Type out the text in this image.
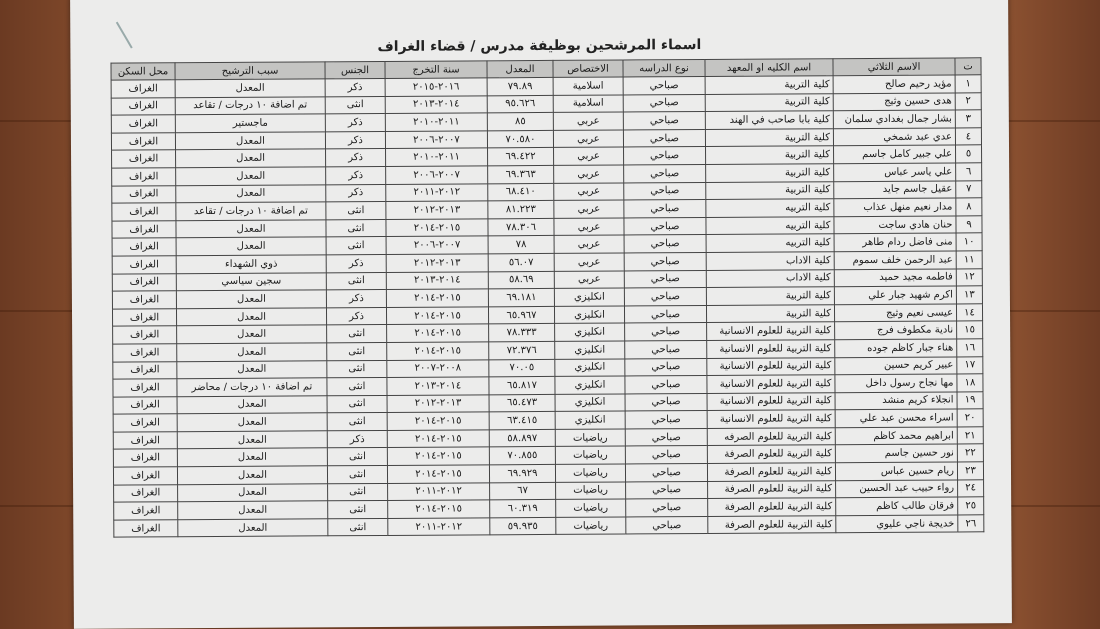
اسماء المرشحين بوظيفة مدرس / قضاء الغراف
ت	الاسم الثلاثي	اسم الكليه او المعهد	نوع الدراسه	الاختصاص	المعدل	سنة التخرج	الجنس	سبب الترشيح	محل السكن
١	مؤيد رحيم صالح	كلية التربية	صباحي	اسلامية	٧٩.٨٩	٢٠١٦-٢٠١٥	ذكر	المعدل	الغراف
٢	هدى حسين وثيج	كلية التربية	صباحي	اسلامية	٩٥.٦٢٦	٢٠١٤-٢٠١٣	انثى	تم اضافة ١٠ درجات / تقاعد	الغراف
٣	بشار جمال بغدادي سلمان	كلية بابا صاحب في الهند	صباحي	عربي	٨٥	٢٠١١-٢٠١٠	ذكر	ماجستير	الغراف
٤	عدي عبد شمخي	كلية التربية	صباحي	عربي	٧٠.٥٨٠	٢٠٠٧-٢٠٠٦	ذكر	المعدل	الغراف
٥	علي جبير كامل جاسم	كلية التربية	صباحي	عربي	٦٩.٤٢٢	٢٠١١-٢٠١٠	ذكر	المعدل	الغراف
٦	علي ياسر عباس	كلية التربية	صباحي	عربي	٦٩.٣٦٣	٢٠٠٧-٢٠٠٦	ذكر	المعدل	الغراف
٧	عقيل جاسم جايد	كلية التربية	صباحي	عربي	٦٨.٤١٠	٢٠١٢-٢٠١١	ذكر	المعدل	الغراف
٨	مدار نعيم منهل عذاب	كلية التربيه	صباحي	عربي	٨١.٢٢٣	٢٠١٣-٢٠١٢	انثى	تم اضافة ١٠ درجات / تقاعد	الغراف
٩	حنان هادي ساجت	كلية التربيه	صباحي	عربي	٧٨.٣٠٦	٢٠١٥-٢٠١٤	انثى	المعدل	الغراف
١٠	منى فاضل ردام طاهر	كلية التربيه	صباحي	عربي	٧٨	٢٠٠٧-٢٠٠٦	انثى	المعدل	الغراف
١١	عبد الرحمن خلف سموم	كلية الاداب	صباحي	عربي	٥٦.٠٧	٢٠١٣-٢٠١٢	ذكر	ذوي الشهداء	الغراف
١٢	فاطمه مجيد حميد	كلية الاداب	صباحي	عربي	٥٨.٦٩	٢٠١٤-٢٠١٣	انثى	سجين سياسي	الغراف
١٣	اكرم شهيد جبار علي	كلية التربية	صباحي	انكليزي	٦٩.١٨١	٢٠١٥-٢٠١٤	ذكر	المعدل	الغراف
١٤	عيسى نعيم وثيج	كلية التربية	صباحي	انكليزي	٦٥.٩٦٧	٢٠١٥-٢٠١٤	ذكر	المعدل	الغراف
١٥	نادية مكطوف فرج	كلية التربية للعلوم الانسانية	صباحي	انكليزي	٧٨.٣٣٣	٢٠١٥-٢٠١٤	انثى	المعدل	الغراف
١٦	هناء جبار كاظم جوده	كلية التربية للعلوم الانسانية	صباحي	انكليزي	٧٢.٣٧٦	٢٠١٥-٢٠١٤	انثى	المعدل	الغراف
١٧	عبير كريم حسين	كلية التربية للعلوم الانسانية	صباحي	انكليزي	٧٠.٠٥	٢٠٠٨-٢٠٠٧	انثى	المعدل	الغراف
١٨	مها نجاح رسول داخل	كلية التربية للعلوم الانسانية	صباحي	انكليزي	٦٥.٨١٧	٢٠١٤-٢٠١٣	انثى	تم اضافة ١٠ درجات / محاضر	الغراف
١٩	انجلاء كريم منشد	كلية التربية للعلوم الانسانية	صباحي	انكليزي	٦٥.٤٧٣	٢٠١٣-٢٠١٢	انثى	المعدل	الغراف
٢٠	اسراء محسن عبد علي	كلية التربية للعلوم الانسانية	صباحي	انكليزي	٦٣.٤١٥	٢٠١٥-٢٠١٤	انثى	المعدل	الغراف
٢١	ابراهيم محمد كاظم	كلية التربية للعلوم الصرفه	صباحي	رياضيات	٥٨.٨٩٧	٢٠١٥-٢٠١٤	ذكر	المعدل	الغراف
٢٢	نور حسين جاسم	كلية التربية للعلوم الصرفة	صباحي	رياضيات	٧٠.٨٥٥	٢٠١٥-٢٠١٤	انثى	المعدل	الغراف
٢٣	ريام حسين عباس	كلية التربية للعلوم الصرفة	صباحي	رياضيات	٦٩.٩٢٩	٢٠١٥-٢٠١٤	انثى	المعدل	الغراف
٢٤	رواء حبيب عبد الحسين	كلية التربية للعلوم الصرفة	صباحي	رياضيات	٦٧	٢٠١٢-٢٠١١	انثى	المعدل	الغراف
٢٥	فرقان طالب كاظم	كلية التربية للعلوم الصرفة	صباحي	رياضيات	٦٠.٣١٩	٢٠١٥-٢٠١٤	انثى	المعدل	الغراف
٢٦	خديجة ناجي عليوي	كلية التربية للعلوم الصرفة	صباحي	رياضيات	٥٩.٩٣٥	٢٠١٢-٢٠١١	انثى	المعدل	الغراف
